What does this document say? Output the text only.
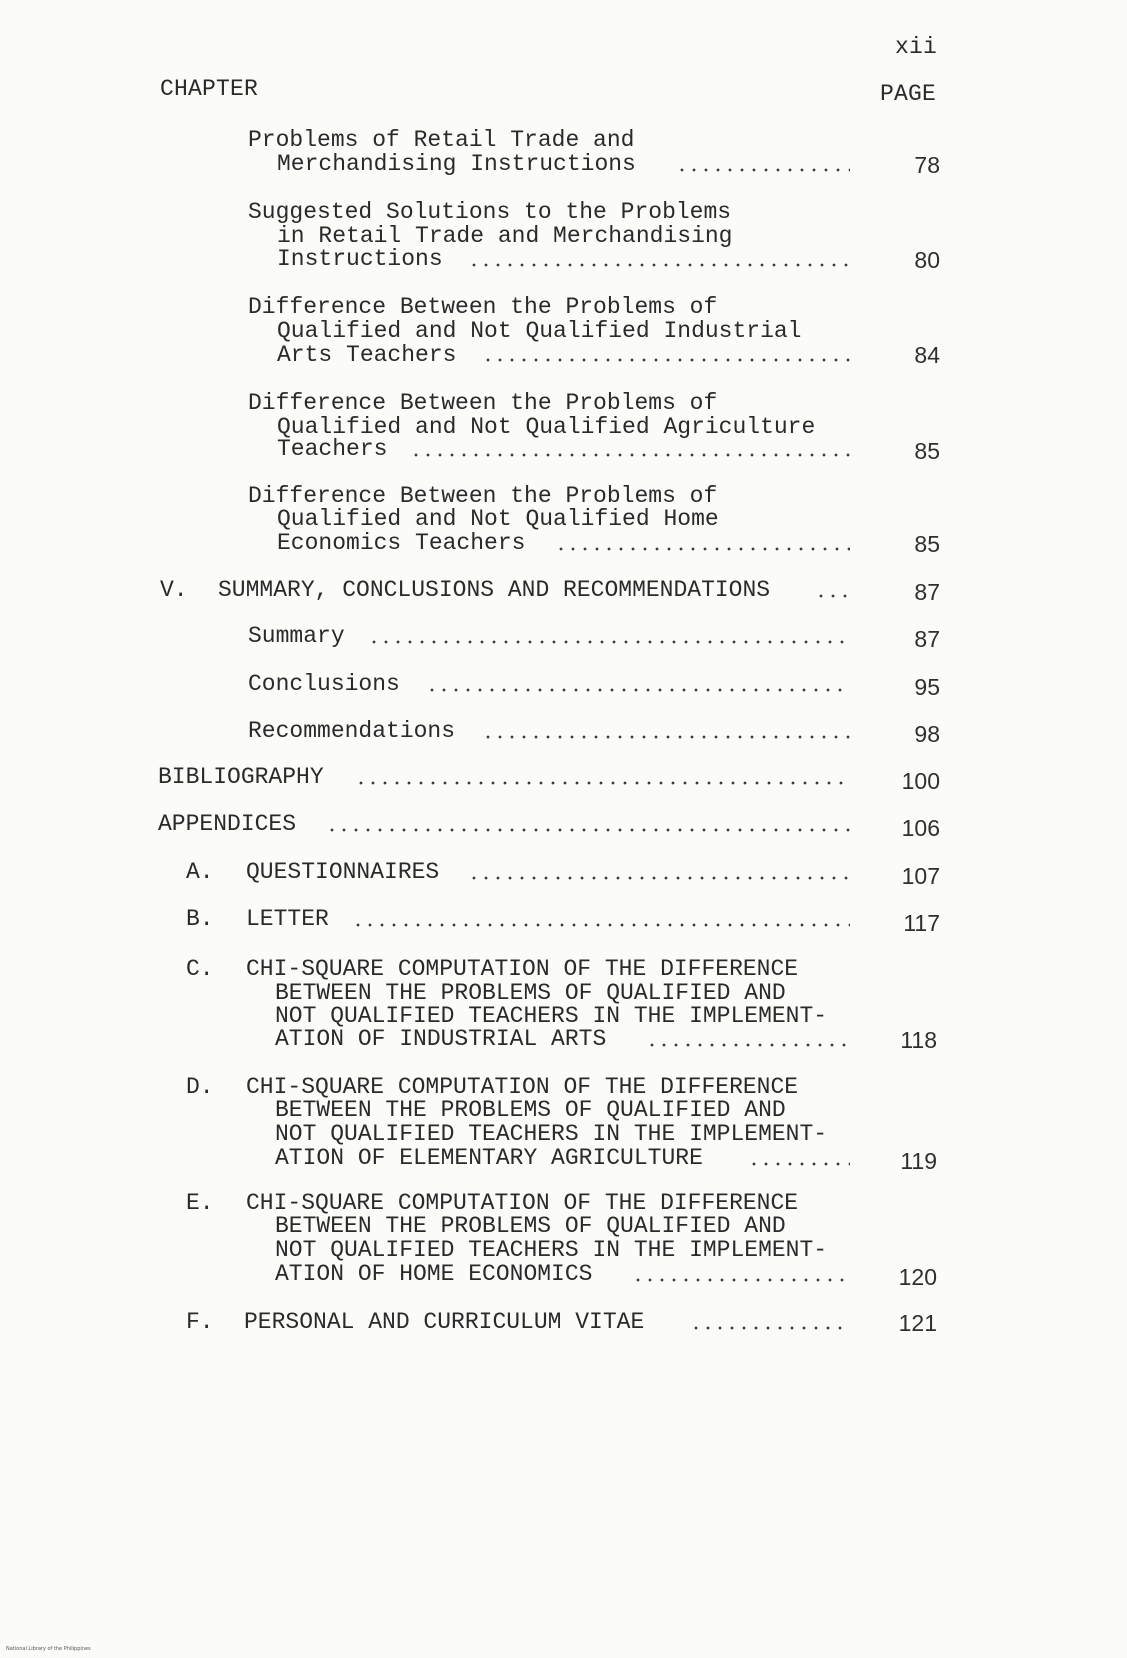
xii
CHAPTER	PAGE
Problems of Retail Trade and
Merchandising Instructions	78
Suggested Solutions to the Problems
in Retail Trade and Merchandising
Instructions	80
Difference Between the Problems of
Qualified and Not Qualified Industrial
Arts Teachers	84
Difference Between the Problems of
Qualified and Not Qualified Agriculture
Teachers	85
Difference Between the Problems of
Qualified and Not Qualified Home
Economics Teachers	85
V. SUMMARY, CONCLUSIONS AND RECOMMENDATIONS	87
Summary	87
Conclusions	95
Recommendations	98
BIBLIOGRAPHY	100
APPENDICES	106
A. QUESTIONNAIRES	107
B. LETTER	117
C. CHI-SQUARE COMPUTATION OF THE DIFFERENCE
BETWEEN THE PROBLEMS OF QUALIFIED AND
NOT QUALIFIED TEACHERS IN THE IMPLEMENT-
ATION OF INDUSTRIAL ARTS	118
D. CHI-SQUARE COMPUTATION OF THE DIFFERENCE
BETWEEN THE PROBLEMS OF QUALIFIED AND
NOT QUALIFIED TEACHERS IN THE IMPLEMENT-
ATION OF ELEMENTARY AGRICULTURE	119
E. CHI-SQUARE COMPUTATION OF THE DIFFERENCE
BETWEEN THE PROBLEMS OF QUALIFIED AND
NOT QUALIFIED TEACHERS IN THE IMPLEMENT-
ATION OF HOME ECONOMICS	120
F. PERSONAL AND CURRICULUM VITAE	121
National Library of the Philippines
